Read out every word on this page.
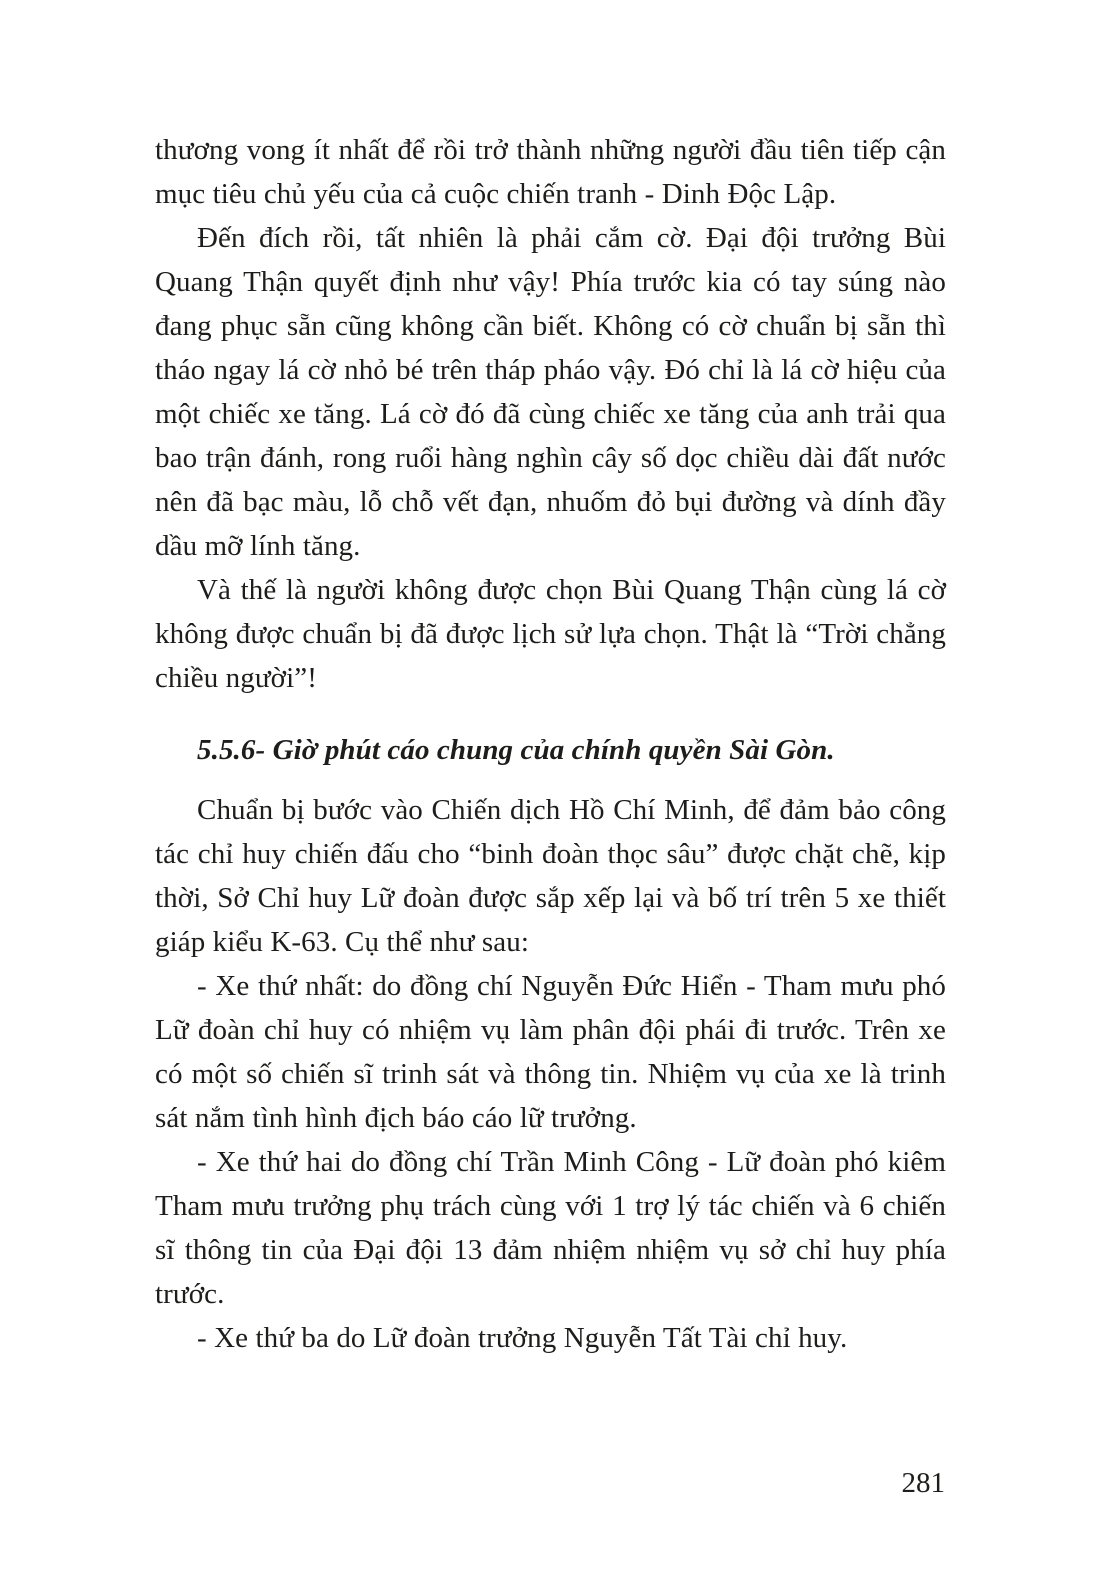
thương vong ít nhất để rồi trở thành những người đầu tiên tiếp cận mục tiêu chủ yếu của cả cuộc chiến tranh - Dinh Độc Lập.

Đến đích rồi, tất nhiên là phải cắm cờ. Đại đội trưởng Bùi Quang Thận quyết định như vậy! Phía trước kia có tay súng nào đang phục sẵn cũng không cần biết. Không có cờ chuẩn bị sẵn thì tháo ngay lá cờ nhỏ bé trên tháp pháo vậy. Đó chỉ là lá cờ hiệu của một chiếc xe tăng. Lá cờ đó đã cùng chiếc xe tăng của anh trải qua bao trận đánh, rong ruổi hàng nghìn cây số dọc chiều dài đất nước nên đã bạc màu, lỗ chỗ vết đạn, nhuốm đỏ bụi đường và dính đầy dầu mỡ lính tăng.

Và thế là người không được chọn Bùi Quang Thận cùng lá cờ không được chuẩn bị đã được lịch sử lựa chọn. Thật là “Trời chẳng chiều người”!

5.5.6- Giờ phút cáo chung của chính quyền Sài Gòn.

Chuẩn bị bước vào Chiến dịch Hồ Chí Minh, để đảm bảo công tác chỉ huy chiến đấu cho “binh đoàn thọc sâu” được chặt chẽ, kịp thời, Sở Chỉ huy Lữ đoàn được sắp xếp lại và bố trí trên 5 xe thiết giáp kiểu K-63. Cụ thể như sau:

- Xe thứ nhất: do đồng chí Nguyễn Đức Hiển - Tham mưu phó Lữ đoàn chỉ huy có nhiệm vụ làm phân đội phái đi trước. Trên xe có một số chiến sĩ trinh sát và thông tin. Nhiệm vụ của xe là trinh sát nắm tình hình địch báo cáo lữ trưởng.

- Xe thứ hai do đồng chí Trần Minh Công - Lữ đoàn phó kiêm Tham mưu trưởng phụ trách cùng với 1 trợ lý tác chiến và 6 chiến sĩ thông tin của Đại đội 13 đảm nhiệm nhiệm vụ sở chỉ huy phía trước.

- Xe thứ ba do Lữ đoàn trưởng Nguyễn Tất Tài chỉ huy.

281
